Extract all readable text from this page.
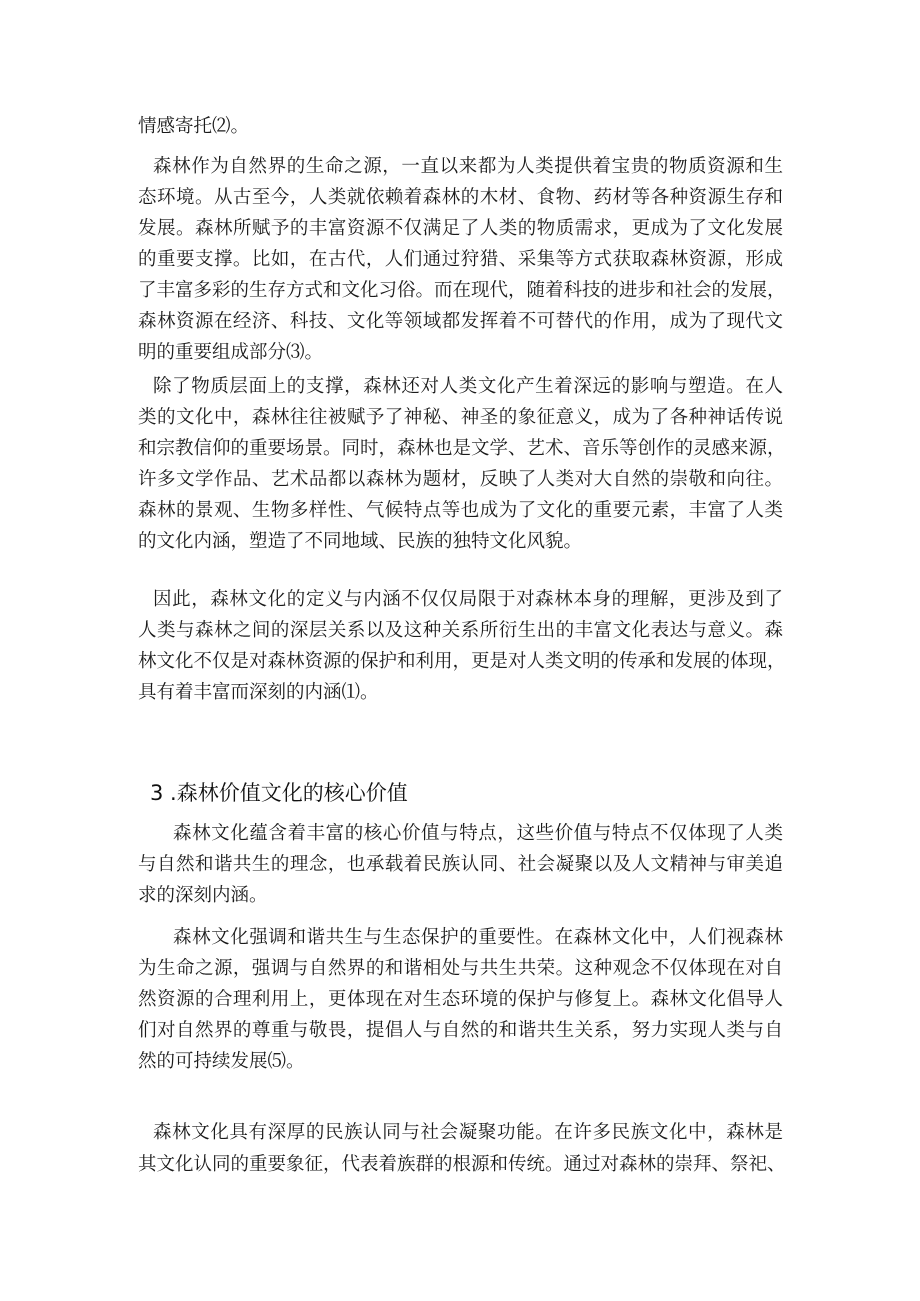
情感寄托⑵。
森林作为自然界的生命之源，一直以来都为人类提供着宝贵的物质资源和生
态环境。从古至今，人类就依赖着森林的木材、食物、药材等各种资源生存和
发展。森林所赋予的丰富资源不仅满足了人类的物质需求，更成为了文化发展
的重要支撑。比如，在古代，人们通过狩猎、采集等方式获取森林资源，形成
了丰富多彩的生存方式和文化习俗。而在现代，随着科技的进步和社会的发展，
森林资源在经济、科技、文化等领域都发挥着不可替代的作用，成为了现代文
明的重要组成部分⑶。
除了物质层面上的支撑，森林还对人类文化产生着深远的影响与塑造。在人
类的文化中，森林往往被赋予了神秘、神圣的象征意义，成为了各种神话传说
和宗教信仰的重要场景。同时，森林也是文学、艺术、音乐等创作的灵感来源，
许多文学作品、艺术品都以森林为题材，反映了人类对大自然的崇敬和向往。
森林的景观、生物多样性、气候特点等也成为了文化的重要元素，丰富了人类
的文化内涵，塑造了不同地域、民族的独特文化风貌。
因此，森林文化的定义与内涵不仅仅局限于对森林本身的理解，更涉及到了
人类与森林之间的深层关系以及这种关系所衍生出的丰富文化表达与意义。森
林文化不仅是对森林资源的保护和利用，更是对人类文明的传承和发展的体现，
具有着丰富而深刻的内涵⑴。
3 .森林价值文化的核心价值
森林文化蕴含着丰富的核心价值与特点，这些价值与特点不仅体现了人类
与自然和谐共生的理念，也承载着民族认同、社会凝聚以及人文精神与审美追
求的深刻内涵。
森林文化强调和谐共生与生态保护的重要性。在森林文化中，人们视森林
为生命之源，强调与自然界的和谐相处与共生共荣。这种观念不仅体现在对自
然资源的合理利用上，更体现在对生态环境的保护与修复上。森林文化倡导人
们对自然界的尊重与敬畏，提倡人与自然的和谐共生关系，努力实现人类与自
然的可持续发展⑸。
森林文化具有深厚的民族认同与社会凝聚功能。在许多民族文化中，森林是
其文化认同的重要象征，代表着族群的根源和传统。通过对森林的崇拜、祭祀、
